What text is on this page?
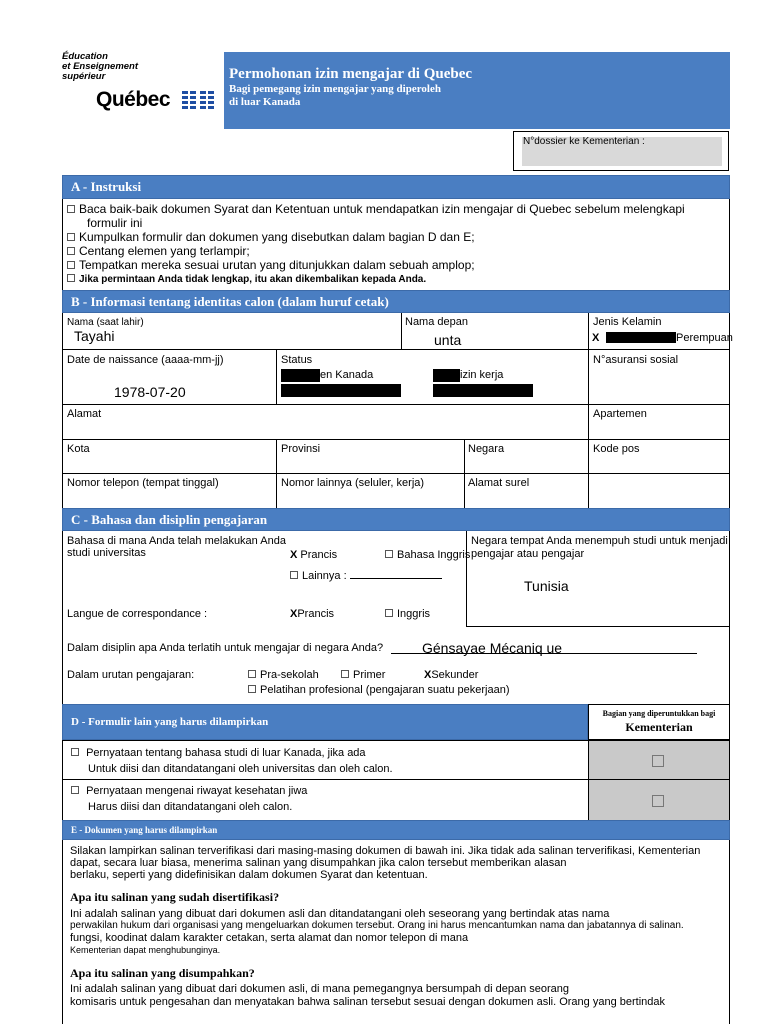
Éducation
et Enseignement
supérieur
Québec
Permohonan izin mengajar di Quebec
Bagi pemegang izin mengajar yang diperoleh
di luar Kanada
N°dossier ke Kementerian :
A - Instruksi
Baca baik-baik dokumen Syarat dan Ketentuan untuk mendapatkan izin mengajar di Quebec sebelum melengkapi
formulir ini
Kumpulkan formulir dan dokumen yang disebutkan dalam bagian D dan E;
Centang elemen yang terlampir;
Tempatkan mereka sesuai urutan yang ditunjukkan dalam sebuah amplop;
Jika permintaan Anda tidak lengkap, itu akan dikembalikan kepada Anda.
B - Informasi tentang identitas calon (dalam huruf cetak)
Nama (saat lahir)
Tayahi
Nama depan
unta
Jenis Kelamin
X	Perempuan
Date de naissance (aaaa-mm-jj)
1978-07-20
Status
en Kanada	izin kerja
N°asuransi sosial
Alamat	Apartemen
Kota	Provinsi	Negara	Kode pos
Nomor telepon (tempat tinggal)	Nomor lainnya (seluler, kerja)	Alamat surel
C - Bahasa dan disiplin pengajaran
Bahasa di mana Anda telah melakukan Anda
studi universitas	X Prancis	Bahasa Inggris
Lainnya :
Negara tempat Anda menempuh studi untuk menjadi
pengajar atau pengajar
Tunisia
Langue de correspondance :	XPrancis	Inggris
Dalam disiplin apa Anda terlatih untuk mengajar di negara Anda?	Génsayae Mécaniq ue
Dalam urutan pengajaran:	Pra-sekolah	Primer	XSekunder
Pelatihan profesional (pengajaran suatu pekerjaan)
D - Formulir lain yang harus dilampirkan
Bagian yang diperuntukkan bagi
Kementerian
Pernyataan tentang bahasa studi di luar Kanada, jika ada
Untuk diisi dan ditandatangani oleh universitas dan oleh calon.
Pernyataan mengenai riwayat kesehatan jiwa
Harus diisi dan ditandatangani oleh calon.
E - Dokumen yang harus dilampirkan
Silakan lampirkan salinan terverifikasi dari masing-masing dokumen di bawah ini. Jika tidak ada salinan terverifikasi, Kementerian
dapat, secara luar biasa, menerima salinan yang disumpahkan jika calon tersebut memberikan alasan
berlaku, seperti yang didefinisikan dalam dokumen Syarat dan ketentuan.
Apa itu salinan yang sudah disertifikasi?
Ini adalah salinan yang dibuat dari dokumen asli dan ditandatangani oleh seseorang yang bertindak atas nama
perwakilan hukum dari organisasi yang mengeluarkan dokumen tersebut. Orang ini harus mencantumkan nama dan jabatannya di salinan.
fungsi, koodinat dalam karakter cetakan, serta alamat dan nomor telepon di mana
Kementerian dapat menghubunginya.
Apa itu salinan yang disumpahkan?
Ini adalah salinan yang dibuat dari dokumen asli, di mana pemegangnya bersumpah di depan seorang
komisaris untuk pengesahan dan menyatakan bahwa salinan tersebut sesuai dengan dokumen asli. Orang yang bertindak
